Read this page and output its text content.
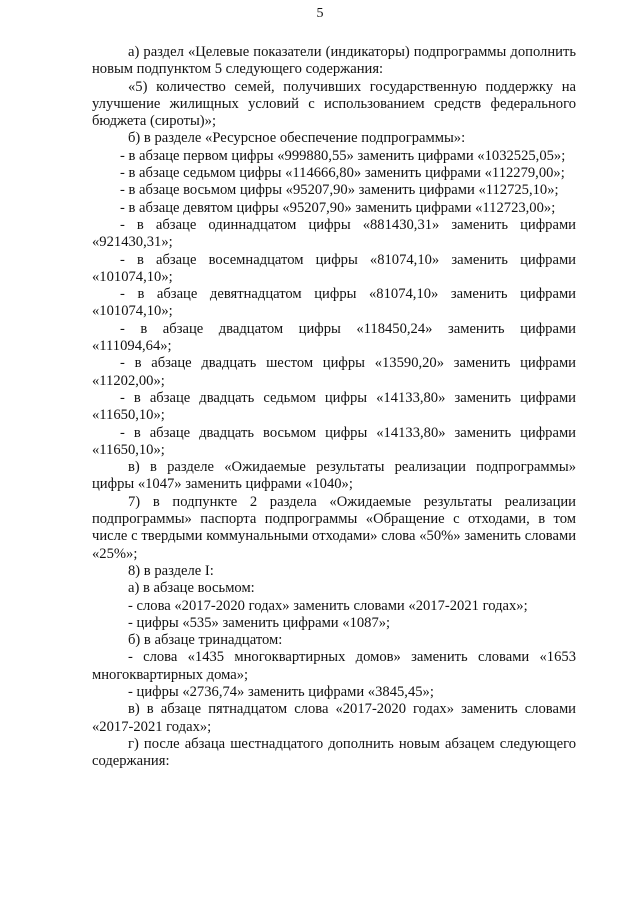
5

а) раздел «Целевые показатели (индикаторы) подпрограммы дополнить новым подпунктом 5 следующего содержания:

«5) количество семей, получивших государственную поддержку на улучшение жилищных условий с использованием средств федерального бюджета (сироты)»;

б) в разделе «Ресурсное обеспечение подпрограммы»:

- в абзаце первом цифры «999880,55» заменить цифрами «1032525,05»;

- в абзаце седьмом цифры «114666,80» заменить цифрами «112279,00»;

- в абзаце восьмом цифры «95207,90» заменить цифрами «112725,10»;

- в абзаце девятом цифры «95207,90» заменить цифрами «112723,00»;

- в абзаце одиннадцатом цифры «881430,31» заменить цифрами «921430,31»;

- в абзаце восемнадцатом цифры «81074,10» заменить цифрами «101074,10»;

- в абзаце девятнадцатом цифры «81074,10» заменить цифрами «101074,10»;

- в абзаце двадцатом цифры «118450,24» заменить цифрами «111094,64»;

- в абзаце двадцать шестом цифры «13590,20» заменить цифрами «11202,00»;

- в абзаце двадцать седьмом цифры «14133,80» заменить цифрами «11650,10»;

- в абзаце двадцать восьмом цифры «14133,80» заменить цифрами «11650,10»;

в) в разделе «Ожидаемые результаты реализации подпрограммы» цифры «1047» заменить цифрами «1040»;

7) в подпункте 2 раздела «Ожидаемые результаты реализации подпрограммы» паспорта подпрограммы «Обращение с отходами, в том числе с твердыми коммунальными отходами» слова «50%» заменить словами «25%»;

8) в разделе I:

а) в абзаце восьмом:

- слова «2017-2020 годах» заменить словами «2017-2021 годах»;

- цифры «535» заменить цифрами «1087»;

б) в абзаце тринадцатом:

- слова «1435 многоквартирных домов» заменить словами «1653 многоквартирных дома»;

- цифры «2736,74» заменить цифрами «3845,45»;

в) в абзаце пятнадцатом слова «2017-2020 годах» заменить словами «2017-2021 годах»;

г) после абзаца шестнадцатого дополнить новым абзацем следующего содержания:
